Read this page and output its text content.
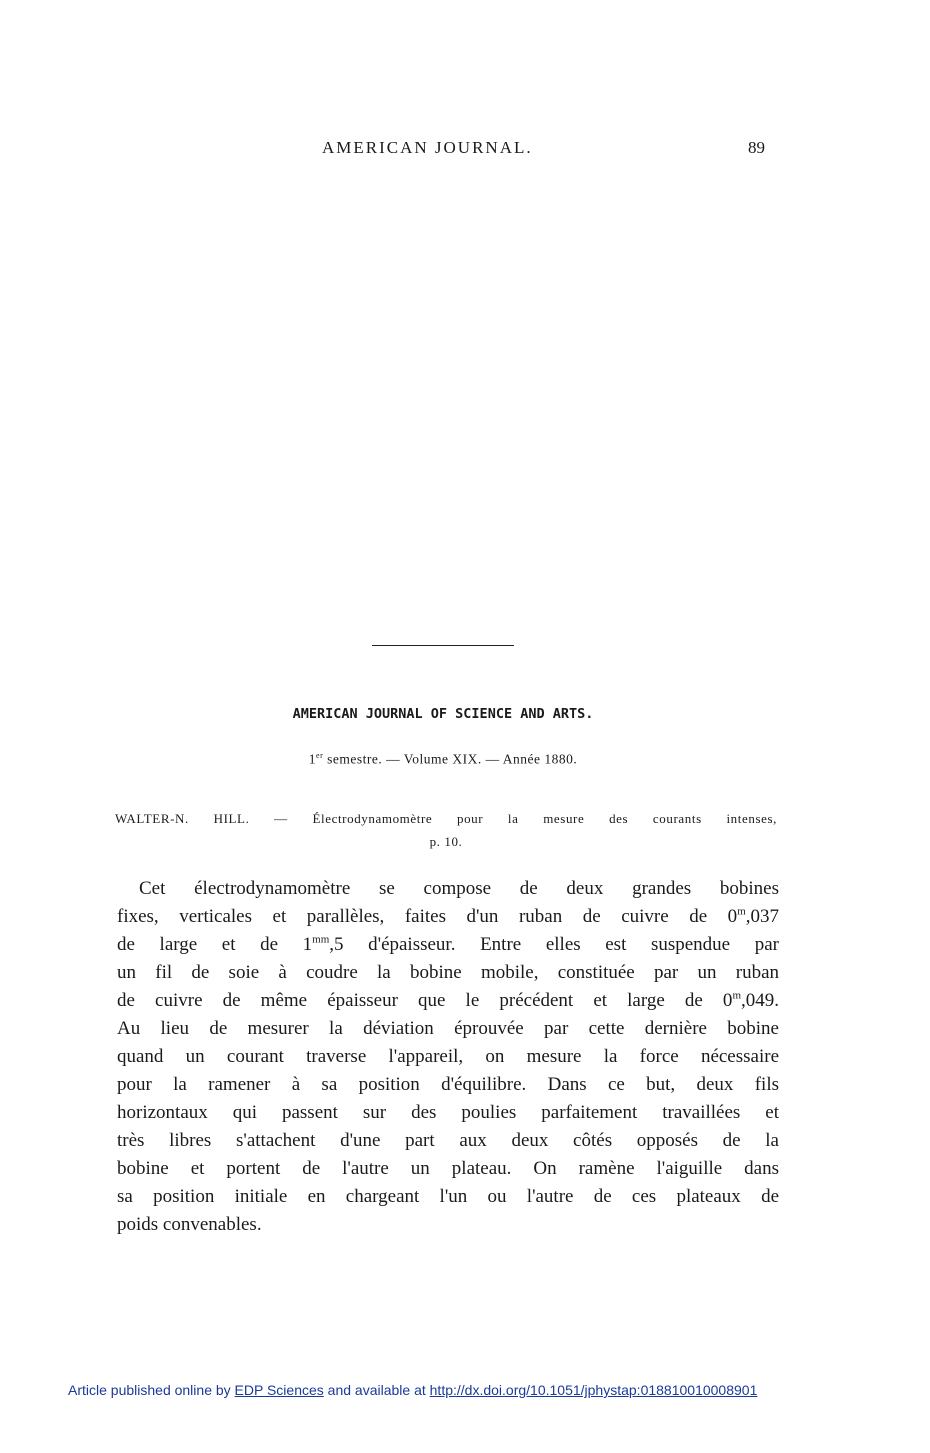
AMERICAN JOURNAL.	89
AMERICAN JOURNAL OF SCIENCE AND ARTS.
1er semestre. — Volume XIX. — Année 1880.
WALTER-N. HILL. — Électrodynamomètre pour la mesure des courants intenses,
p. 10.
Cet électrodynamomètre se compose de deux grandes bobines
fixes, verticales et parallèles, faites d'un ruban de cuivre de 0$^m$,037
de large et de $1^{mm},5$ d'épaisseur. Entre elles est suspendue par
un fil de soie à coudre la bobine mobile, constituée par un ruban
de cuivre de même épaisseur que le précédent et large de 0$^m$,049.
Au lieu de mesurer la déviation éprouvée par cette dernière bobine
quand un courant traverse l'appareil, on mesure la force nécessaire
pour la ramener à sa position d'équilibre. Dans ce but, deux fils
horizontaux qui passent sur des poulies parfaitement travaillées et
très libres s'attachent d'une part aux deux côtés opposés de la
bobine et portent de l'autre un plateau. On ramène l'aiguille dans
sa position initiale en chargeant l'un ou l'autre de ces plateaux de
poids convenables.
Article published online by EDP Sciences and available at http://dx.doi.org/10.1051/jphystap:018810010008901
